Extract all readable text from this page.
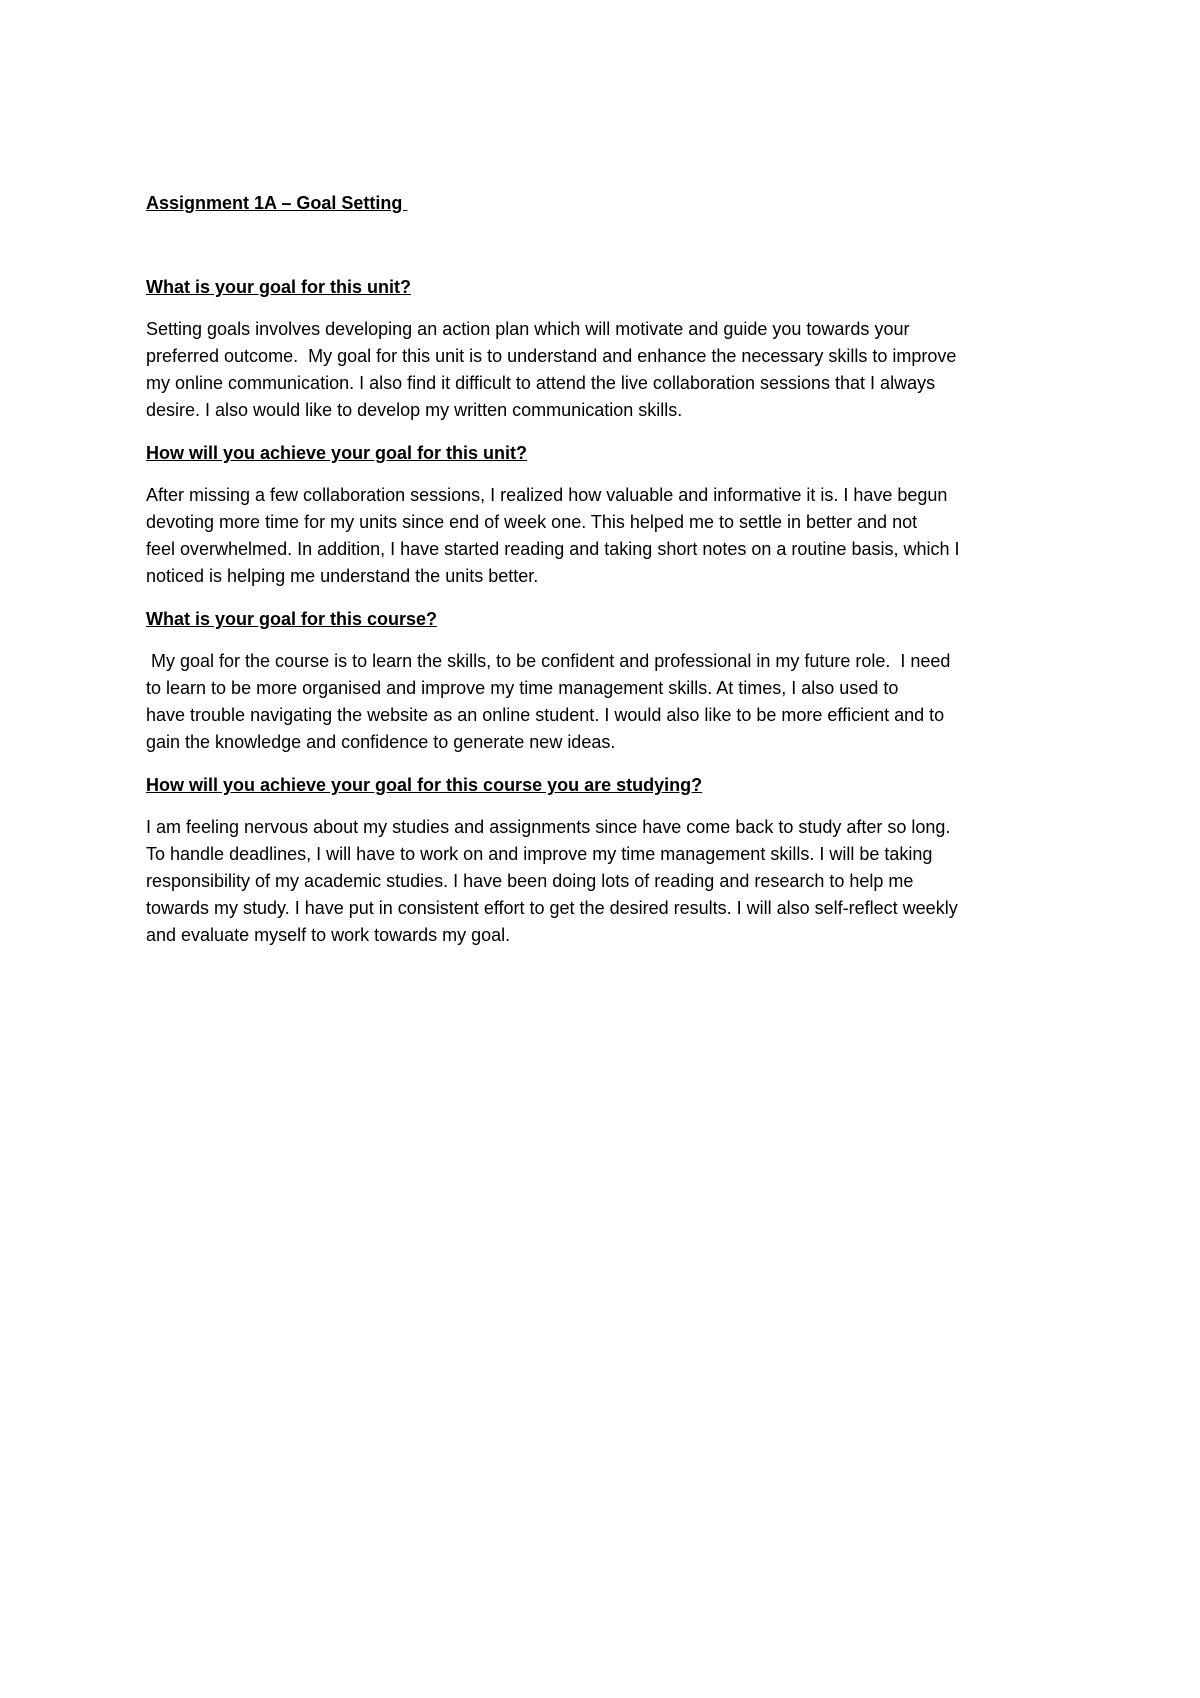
Assignment 1A – Goal Setting
What is your goal for this unit?
Setting goals involves developing an action plan which will motivate and guide you towards your
preferred outcome.  My goal for this unit is to understand and enhance the necessary skills to improve
my online communication. I also find it difficult to attend the live collaboration sessions that I always
desire. I also would like to develop my written communication skills.
How will you achieve your goal for this unit?
After missing a few collaboration sessions, I realized how valuable and informative it is. I have begun
devoting more time for my units since end of week one. This helped me to settle in better and not
feel overwhelmed. In addition, I have started reading and taking short notes on a routine basis, which I
noticed is helping me understand the units better.
What is your goal for this course?
My goal for the course is to learn the skills, to be confident and professional in my future role.  I need
to learn to be more organised and improve my time management skills. At times, I also used to
have trouble navigating the website as an online student. I would also like to be more efficient and to
gain the knowledge and confidence to generate new ideas.
How will you achieve your goal for this course you are studying?
I am feeling nervous about my studies and assignments since have come back to study after so long.
To handle deadlines, I will have to work on and improve my time management skills. I will be taking
responsibility of my academic studies. I have been doing lots of reading and research to help me
towards my study. I have put in consistent effort to get the desired results. I will also self-reflect weekly
and evaluate myself to work towards my goal.
